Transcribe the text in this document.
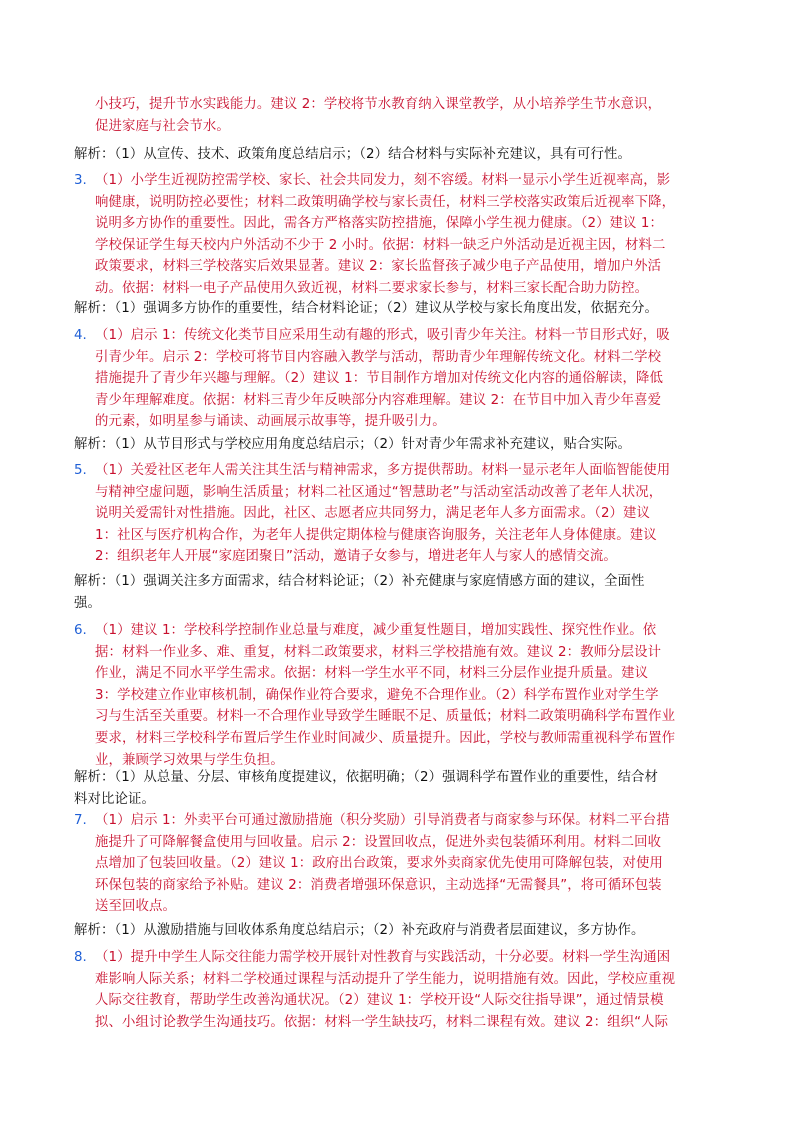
小技巧，提升节水实践能力。建议 2：学校将节水教育纳入课堂教学，从小培养学生节水意识，
促进家庭与社会节水。
解析：（1）从宣传、技术、政策角度总结启示；（2）结合材料与实际补充建议，具有可行性。
3. （1）小学生近视防控需学校、家长、社会共同发力，刻不容缓。材料一显示小学生近视率高，影
响健康，说明防控必要性；材料二政策明确学校与家长责任，材料三学校落实政策后近视率下降，
说明多方协作的重要性。因此，需各方严格落实防控措施，保障小学生视力健康。（2）建议 1：
学校保证学生每天校内户外活动不少于 2 小时。依据：材料一缺乏户外活动是近视主因，材料二
政策要求，材料三学校落实后效果显著。建议 2：家长监督孩子减少电子产品使用，增加户外活
动。依据：材料一电子产品使用久致近视，材料二要求家长参与，材料三家长配合助力防控。
解析：（1）强调多方协作的重要性，结合材料论证；（2）建议从学校与家长角度出发，依据充分。
4. （1）启示 1：传统文化类节目应采用生动有趣的形式，吸引青少年关注。材料一节目形式好，吸
引青少年。启示 2：学校可将节目内容融入教学与活动，帮助青少年理解传统文化。材料二学校
措施提升了青少年兴趣与理解。（2）建议 1：节目制作方增加对传统文化内容的通俗解读，降低
青少年理解难度。依据：材料三青少年反映部分内容难理解。建议 2：在节目中加入青少年喜爱
的元素，如明星参与诵读、动画展示故事等，提升吸引力。
解析：（1）从节目形式与学校应用角度总结启示；（2）针对青少年需求补充建议，贴合实际。
5. （1）关爱社区老年人需关注其生活与精神需求，多方提供帮助。材料一显示老年人面临智能使用
与精神空虚问题，影响生活质量；材料二社区通过“智慧助老”与活动室活动改善了老年人状况，
说明关爱需针对性措施。因此，社区、志愿者应共同努力，满足老年人多方面需求。（2）建议
1：社区与医疗机构合作，为老年人提供定期体检与健康咨询服务，关注老年人身体健康。建议
2：组织老年人开展“家庭团聚日”活动，邀请子女参与，增进老年人与家人的感情交流。
解析：（1）强调关注多方面需求，结合材料论证；（2）补充健康与家庭情感方面的建议，全面性
强。
6. （1）建议 1：学校科学控制作业总量与难度，减少重复性题目，增加实践性、探究性作业。依
据：材料一作业多、难、重复，材料二政策要求，材料三学校措施有效。建议 2：教师分层设计
作业，满足不同水平学生需求。依据：材料一学生水平不同，材料三分层作业提升质量。建议
3：学校建立作业审核机制，确保作业符合要求，避免不合理作业。（2）科学布置作业对学生学
习与生活至关重要。材料一不合理作业导致学生睡眠不足、质量低；材料二政策明确科学布置作业
要求，材料三学校科学布置后学生作业时间减少、质量提升。因此，学校与教师需重视科学布置作
业，兼顾学习效果与学生负担。
解析：（1）从总量、分层、审核角度提建议，依据明确；（2）强调科学布置作业的重要性，结合材
料对比论证。
7. （1）启示 1：外卖平台可通过激励措施（积分奖励）引导消费者与商家参与环保。材料二平台措
施提升了可降解餐盒使用与回收量。启示 2：设置回收点，促进外卖包装循环利用。材料二回收
点增加了包装回收量。（2）建议 1：政府出台政策，要求外卖商家优先使用可降解包装，对使用
环保包装的商家给予补贴。建议 2：消费者增强环保意识，主动选择“无需餐具”，将可循环包装
送至回收点。
解析：（1）从激励措施与回收体系角度总结启示；（2）补充政府与消费者层面建议，多方协作。
8. （1）提升中学生人际交往能力需学校开展针对性教育与实践活动，十分必要。材料一学生沟通困
难影响人际关系；材料二学校通过课程与活动提升了学生能力，说明措施有效。因此，学校应重视
人际交往教育，帮助学生改善沟通状况。（2）建议 1：学校开设“人际交往指导课”，通过情景模
拟、小组讨论教学生沟通技巧。依据：材料一学生缺技巧，材料二课程有效。建议 2：组织“人际
